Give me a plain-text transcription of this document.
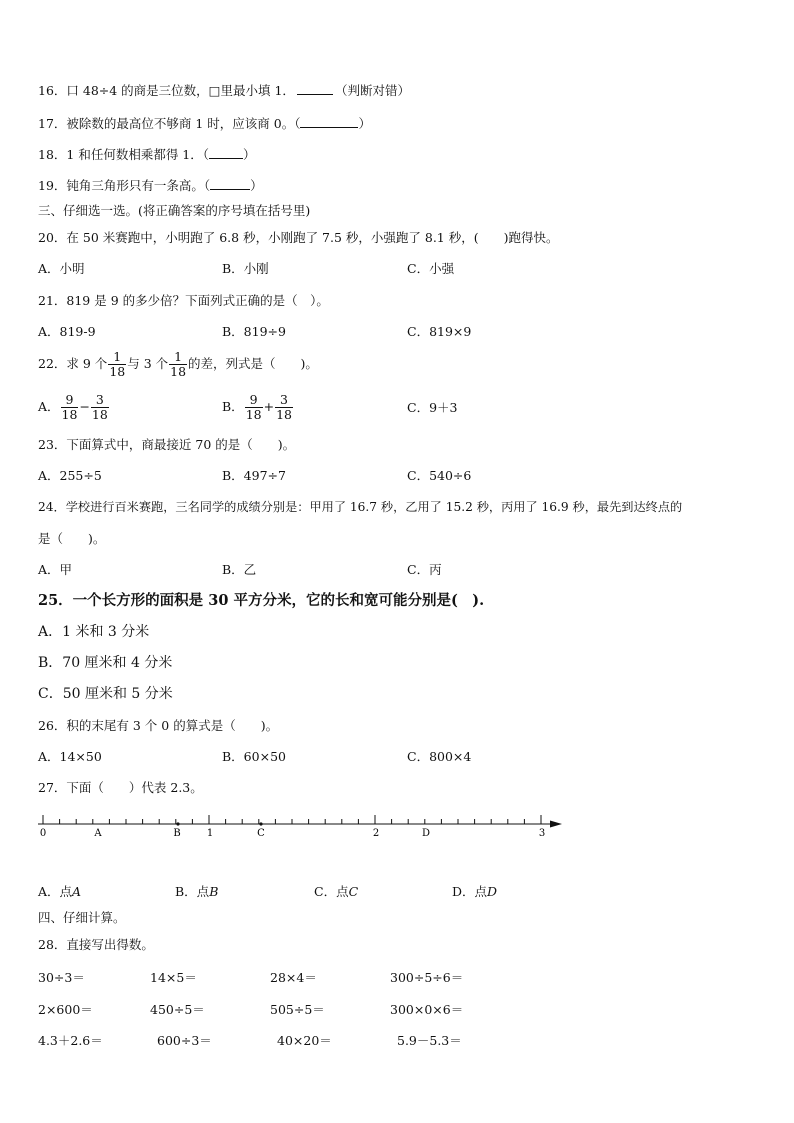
16．口 48÷4 的商是三位数，□里最小填 1．	（判断对错）
17．被除数的最高位不够商 1 时，应该商 0。（	）
18．1 和任何数相乘都得 1．（	）
19．钝角三角形只有一条高。（	）
三、仔细选一选。(将正确答案的序号填在括号里)
20．在 50 米赛跑中，小明跑了 6.8 秒，小刚跑了 7.5 秒，小强跑了 8.1 秒，(　　)跑得快。
A．小明	B．小刚	C．小强
21．819 是 9 的多少倍？下面列式正确的是（　）。
A．819-9	B．819÷9	C．819×9
22．求 9 个 $\frac{1}{18}$ 与 3 个 $\frac{1}{18}$ 的差，列式是（　　)。
A． $\frac{9}{18} - \frac{3}{18}$	B． $\frac{9}{18} + \frac{3}{18}$	C．9＋3
23．下面算式中，商最接近 70 的是（　　)。
A．255÷5	B．497÷7	C．540÷6
24．学校进行百米赛跑，三名同学的成绩分别是：甲用了 16.7 秒，乙用了 15.2 秒，丙用了 16.9 秒，最先到达终点的
是（　　)。
A．甲	B．乙	C．丙
25．一个长方形的面积是 30 平方分米，它的长和宽可能分别是(　).
A．1 米和 3 分米
B．70 厘米和 4 分米
C．50 厘米和 5 分米
26．积的末尾有 3 个 0 的算式是（　　)。
A．14×50	B．60×50	C．800×4
27．下面（　　）代表 2.3。
0	A	B	1	C	2	D	3
A．点A	B．点B	C．点C	D．点D
四、仔细计算。
28．直接写出得数。
30÷3＝	14×5＝	28×4＝	300÷5÷6＝
2×600＝	450÷5＝	505÷5＝	300×0×6＝
4.3＋2.6＝	600÷3＝	40×20＝	5.9－5.3＝
